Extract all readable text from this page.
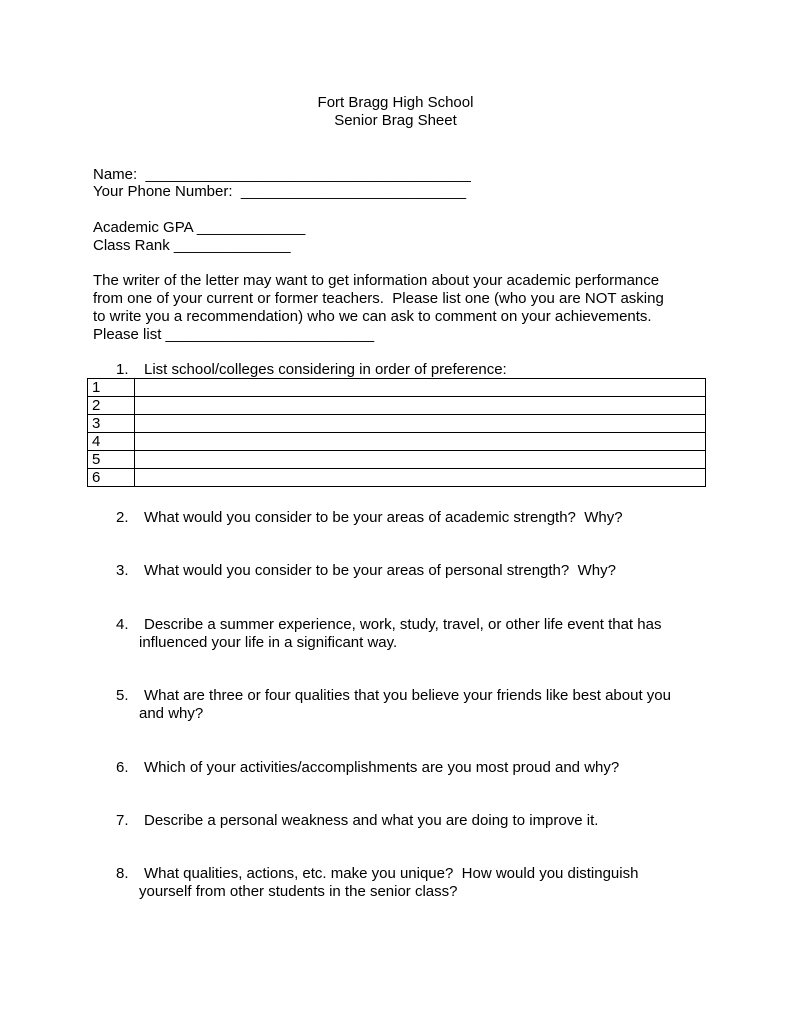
Fort Bragg High School
Senior Brag Sheet
Name:  _______________________________________
Your Phone Number:  ___________________________
Academic GPA _____________
Class Rank ______________
The writer of the letter may want to get information about your academic performance
from one of your current or former teachers.  Please list one (who you are NOT asking
to write you a recommendation) who we can ask to comment on your achievements.
Please list _________________________
1. List school/colleges considering in order of preference:
1	
2	
3	
4	
5	
6	
2. What would you consider to be your areas of academic strength?  Why?
3. What would you consider to be your areas of personal strength?  Why?
4. Describe a summer experience, work, study, travel, or other life event that has
influenced your life in a significant way.
5. What are three or four qualities that you believe your friends like best about you
and why?
6. Which of your activities/accomplishments are you most proud and why?
7. Describe a personal weakness and what you are doing to improve it.
8. What qualities, actions, etc. make you unique?  How would you distinguish
yourself from other students in the senior class?
